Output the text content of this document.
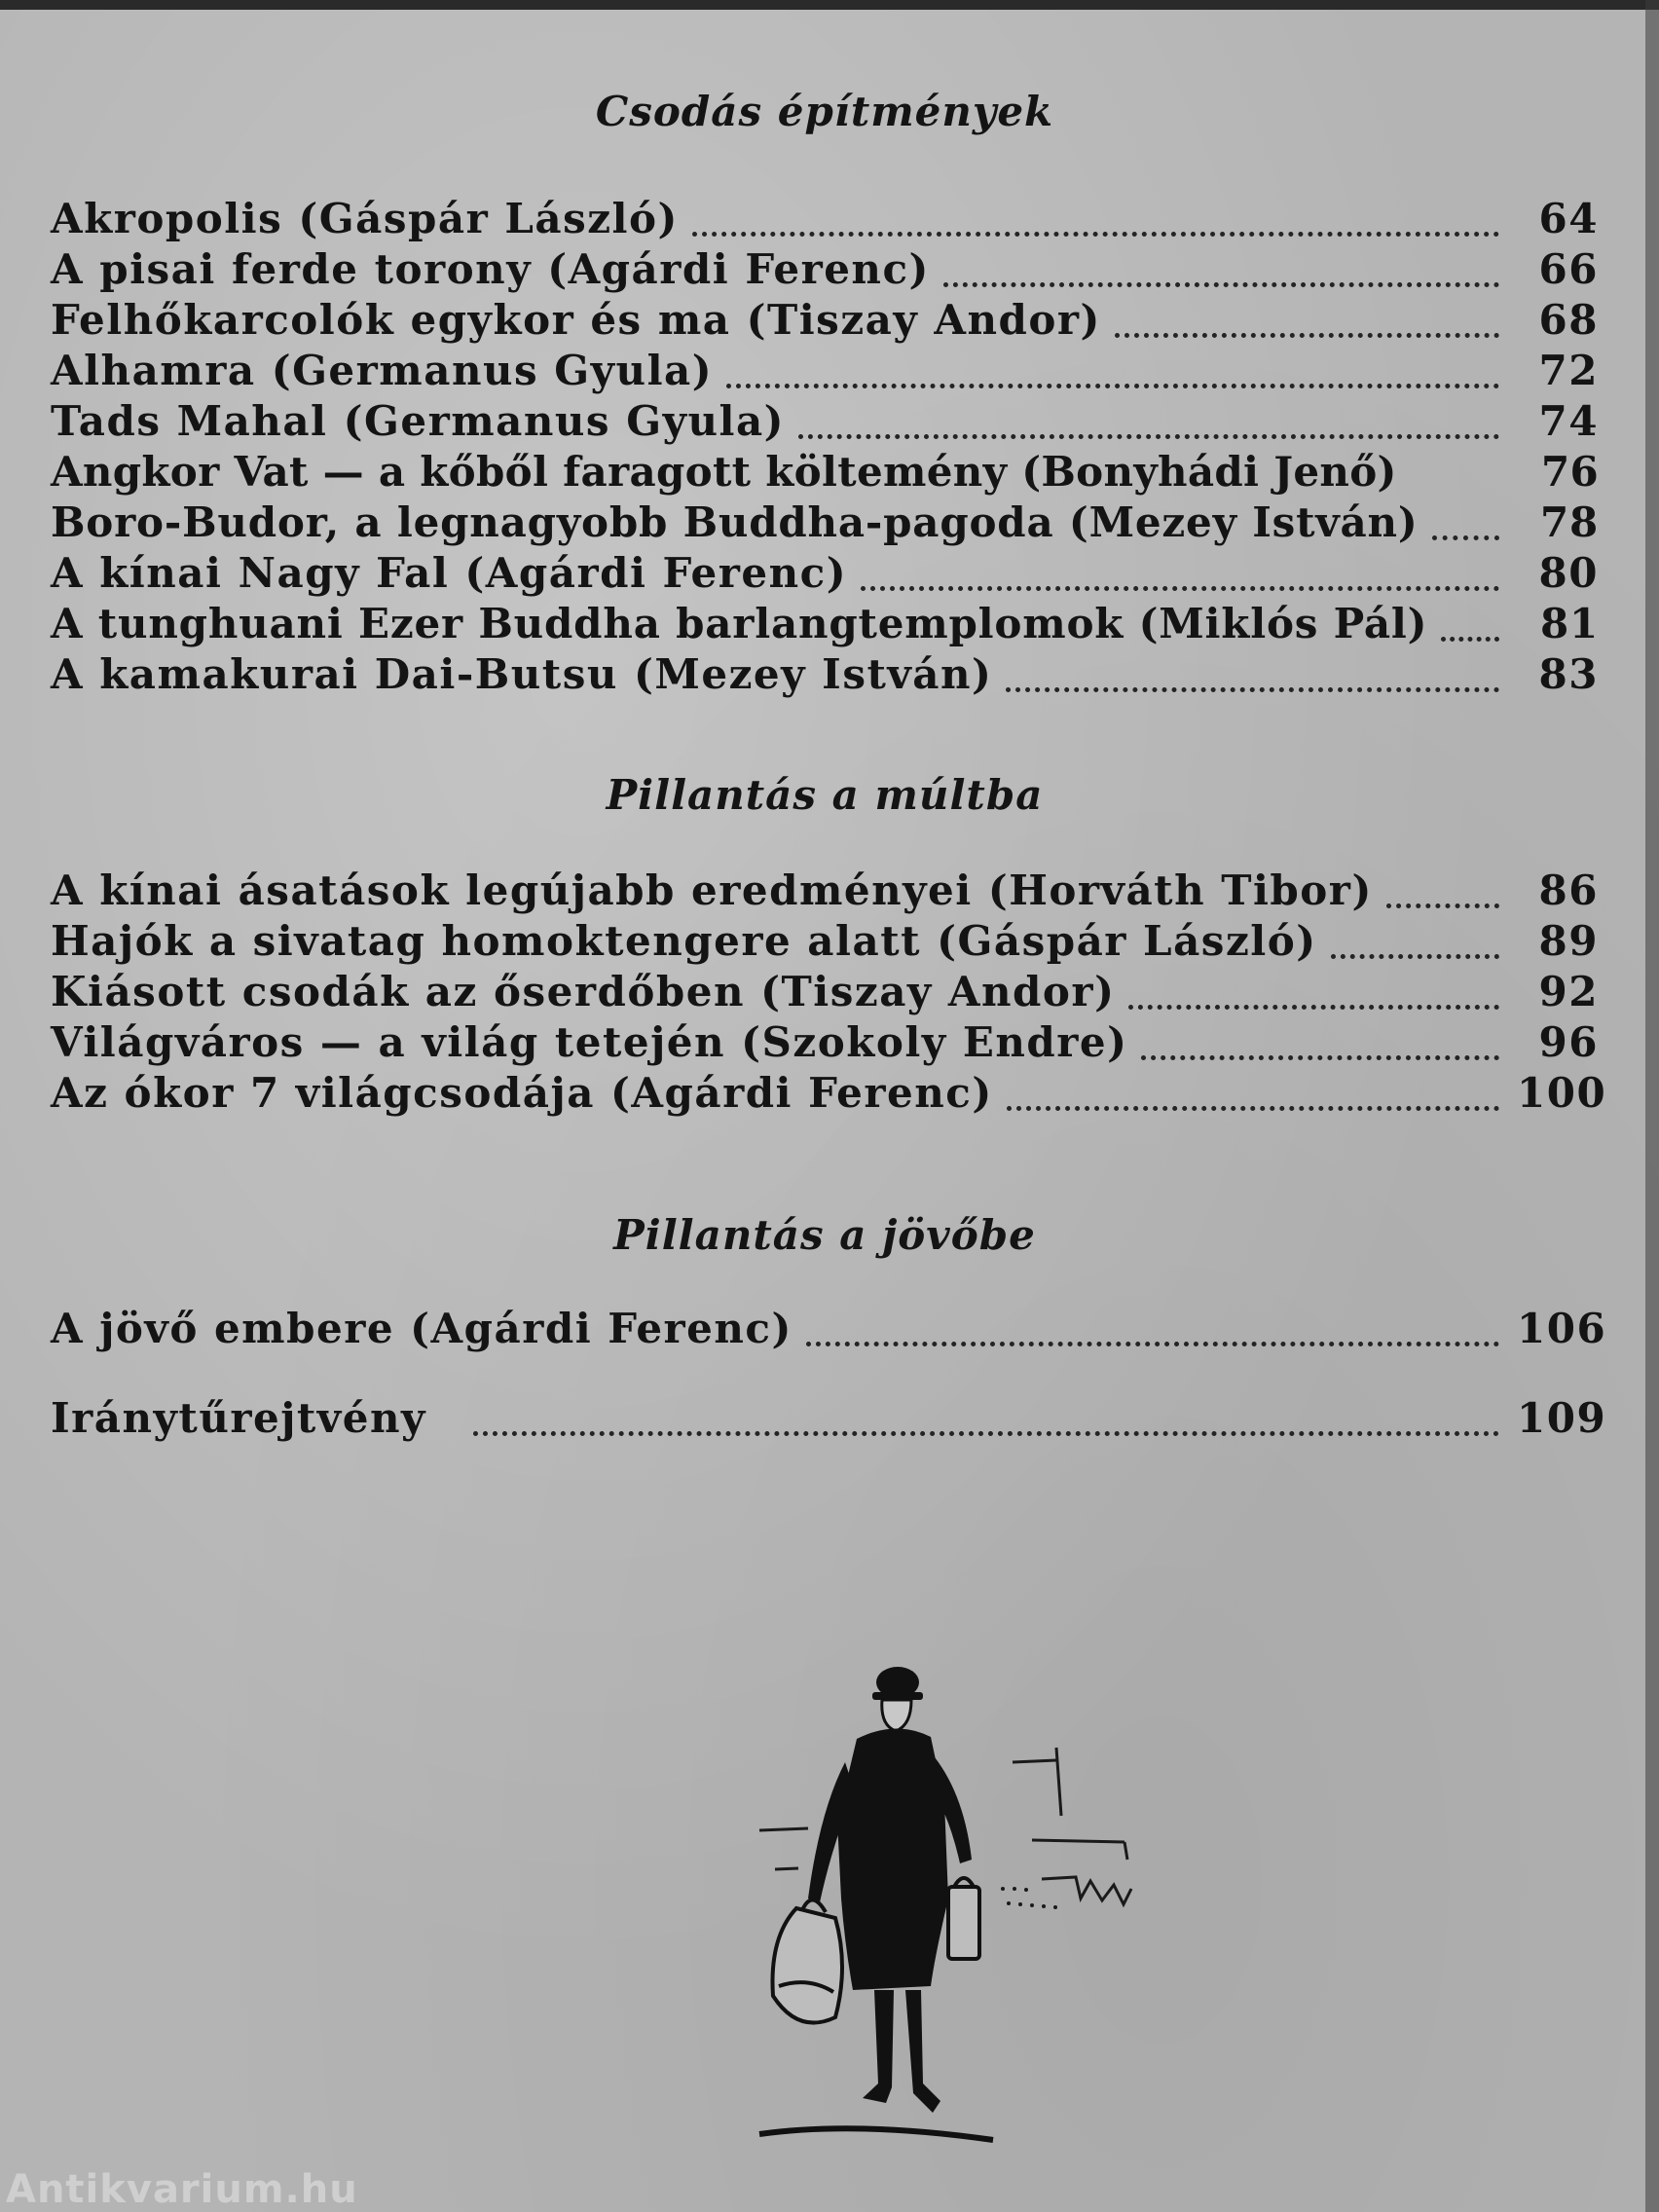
Csodás építmények
Akropolis (Gáspár László)	64
A pisai ferde torony (Agárdi Ferenc)	66
Felhőkarcolók egykor és ma (Tiszay Andor)	68
Alhamra (Germanus Gyula)	72
Tads Mahal (Germanus Gyula)	74
Angkor Vat — a kőből faragott költemény (Bonyhádi Jenő)	76
Boro-Budor, a legnagyobb Buddha-pagoda (Mezey István)	78
A kínai Nagy Fal (Agárdi Ferenc)	80
A tunghuani Ezer Buddha barlangtemplomok (Miklós Pál)	81
A kamakurai Dai-Butsu (Mezey István)	83
Pillantás a múltba
A kínai ásatások legújabb eredményei (Horváth Tibor)	86
Hajók a sivatag homoktengere alatt (Gáspár László)	89
Kiásott csodák az őserdőben (Tiszay Andor)	92
Világváros — a világ tetején (Szokoly Endre)	96
Az ókor 7 világcsodája (Agárdi Ferenc)	100
Pillantás a jövőbe
A jövő embere (Agárdi Ferenc)	106
Iránytűrejtvény	109
Antikvarium.hu
